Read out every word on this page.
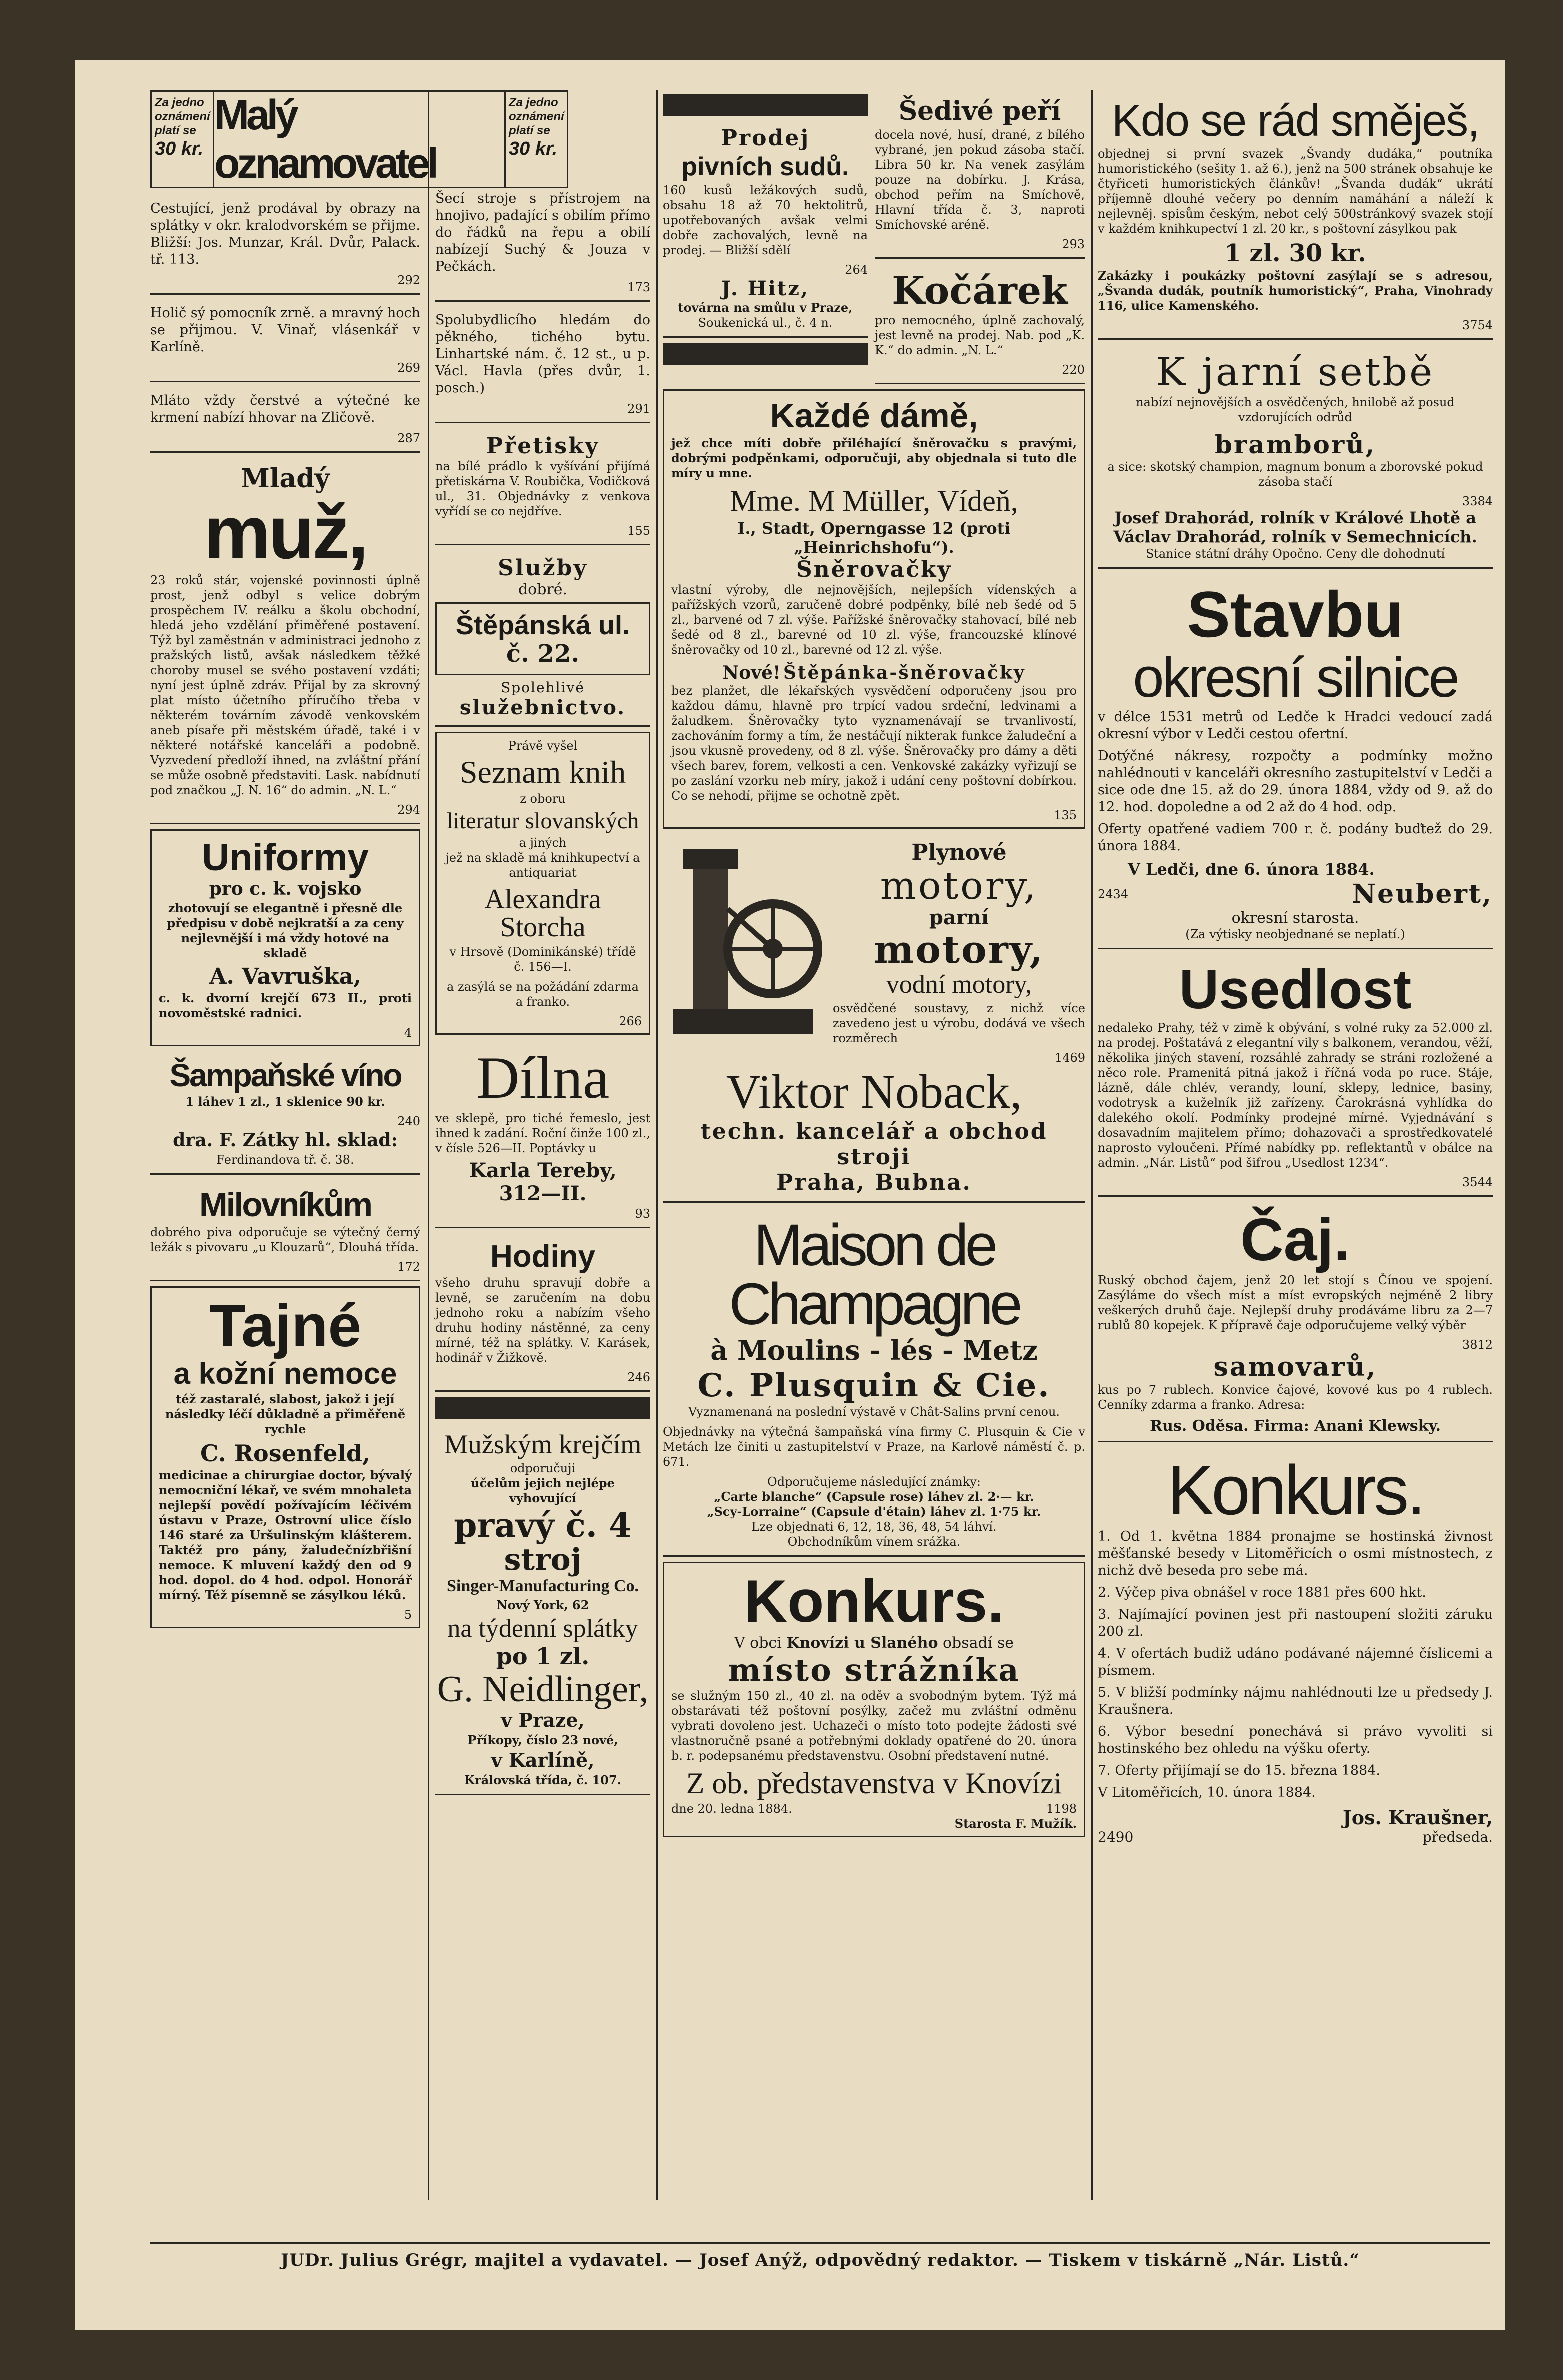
Za jedno
oznámení
platí se
30 kr.
Malý oznamovatel
Za jedno
oznámení
platí se
30 kr.

Cestující, jenž prodával by obrazy na splátky v okr. kralodvorském se přijme. Bližší: Jos. Munzar, Král. Dvůr, Palack. tř. 113.

292

Holič sý pomocník zrně. a mravný hoch se přijmou. V. Vinař, vlásenkář v Karlíně.

269

Mláto vždy čerstvé a výtečné ke krmení nabízí hhovar na Zličově.

287
Mladý
muž,

23 roků stár, vojenské povinnosti úplně prost, jenž odbyl s velice dobrým prospěchem IV. reálku a školu obchodní, hledá jeho vzdělání přiměřené postavení. Týž byl zaměstnán v administraci jednoho z pražských listů, avšak následkem těžké choroby musel se svého postavení vzdáti; nyní jest úplně zdráv. Přijal by za skrovný plat místo účetního příručího třeba v některém továrním závodě venkovském aneb písaře při městském úřadě, také i v některé notářské kanceláři a podobně. Vyzvedení předloží ihned, na zvláštní přání se může osobně představiti. Lask. nabídnutí pod značkou „J. N. 16“ do admin. „N. L.“

294
Uniformy
pro c. k. vojsko

zhotovují se elegantně i přesně dle předpisu v době nejkratší a za ceny nejlevnější i má vždy hotové na skladě

A. Vavruška,

c. k. dvorní krejčí 673 II., proti novoměstské radnici.

4
Šampaňské víno

1 láhev 1 zl., 1 sklenice 90 kr.

240
dra. F. Zátky hl. sklad:
Ferdinandova tř. č. 38.
Milovníkům

dobrého piva odporučuje se výtečný černý ležák s pivovaru „u Klouzarů“, Dlouhá třída.

172
Tajné
a kožní nemoce

též zastaralé, slabost, jakož i její následky léčí důkladně a přiměřeně rychle

C. Rosenfeld,

medicinae a chirurgiae doctor, bývalý nemocniční lékař, ve svém mnohaleta nejlepší povědí požívajícím léčivém ústavu v Praze, Ostrovní ulice číslo 146 staré za Uršulinským klášterem. Taktéž pro pány, žaludečnízbřišní nemoce. K mluvení každý den od 9 hod. dopol. do 4 hod. odpol. Honorář mírný. Též písemně se zásylkou léků.

5

Šecí stroje s přístrojem na hnojivo, padající s obilím přímo do řádků na řepu a obilí nabízejí Suchý & Jouza v Pečkách.

173

Spolubydlicího hledám do pěkného, tichého bytu. Linhartské nám. č. 12 st., u p. Václ. Havla (přes dvůr, 1. posch.)

291
Přetisky

na bílé prádlo k vyšívání přijímá přetiskárna V. Roubička, Vodičková ul., 31. Objednávky z venkova vyřídí se co nejdříve.

155
Služby
dobré.
Štěpánská ul.
č. 22.
Spolehlivé
služebnictvo.
Právě vyšel
Seznam knih
z oboru
literatur slovanských
a jiných

jež na skladě má knihkupectví a antiquariat

Alexandra Storcha

v Hrsově (Dominikánské) třídě č. 156—I.

a zasýlá se na požádání zdarma a franko.

266
Dílna

ve sklepě, pro tiché řemeslo, jest ihned k zadání. Roční činže 100 zl., v čísle 526—II. Poptávky u

Karla Tereby,
312—II.
93
Hodiny

všeho druhu spravují dobře a levně, se zaručením na dobu jednoho roku a nabízím všeho druhu hodiny nástěnné, za ceny mírné, též na splátky. V. Karásek, hodinář v Žižkově.

246
Mužským krejčím
odporučuji
účelům jejich nejlépe vyhovující
pravý č. 4
stroj
Singer-Manufacturing Co.
Nový York, 62
na týdenní splátky
po 1 zl.
G. Neidlinger,
v Praze,
Příkopy, číslo 23 nové,
v Karlíně,
Královská třída, č. 107.
Prodej
pivních sudů.

160 kusů ležákových sudů, obsahu 18 až 70 hektolitrů, upotřebovaných avšak velmi dobře zachovalých, levně na prodej. — Bližší sdělí

264
J. Hitz,
továrna na smůlu v Praze,
Soukenická ul., č. 4 n.
Šedivé peří

docela nové, husí, drané, z bílého vybrané, jen pokud zásoba stačí. Libra 50 kr. Na venek zasýlám pouze na dobírku. J. Krása, obchod peřím na Smíchově, Hlavní třída č. 3, naproti Smíchovské aréně.

293
Kočárek

pro nemocného, úplně zachovalý, jest levně na prodej. Nab. pod „K. K.“ do admin. „N. L.“

220
Každé dámě,

jež chce míti dobře přiléhající šněrovačku s pravými, dobrými podpěnkami, odporučuji, aby objednala si tuto dle míry u mne.

Mme. M Müller, Vídeň,
I., Stadt, Operngasse 12 (proti „Heinrichshofu“).
Šněrovačky

vlastní výroby, dle nejnovějších, nejlepších vídenských a pařížských vzorů, zaručeně dobré podpěnky, bílé neb šedé od 5 zl., barvené od 7 zl. výše. Pařížské šněrovačky stahovací, bílé neb šedé od 8 zl., barevné od 10 zl. výše, francouzské klínové šněrovačky od 10 zl., barevné od 12 zl. výše.

Nové! Štěpánka-šněrovačky

bez planžet, dle lékařských vysvědčení odporučeny jsou pro každou dámu, hlavně pro trpící vadou srdeční, ledvinami a žaludkem. Šněrovačky tyto vyznamenávají se trvanlivostí, zachováním formy a tím, že nestáčují nikterak funkce žaludeční a jsou vkusně provedeny, od 8 zl. výše. Šněrovačky pro dámy a děti všech barev, forem, velkosti a cen. Venkovské zakázky vyřizují se po zaslání vzorku neb míry, jakož i udání ceny poštovní dobírkou. Co se nehodí, přijme se ochotně zpět.

135
Plynové
motory,
parní
motory,
vodní motory,

osvědčené soustavy, z nichž více zavedeno jest u výrobu, dodává ve všech rozměrech

1469
Viktor Noback,
techn. kancelář a obchod stroji
Praha, Bubna.
Maison de Champagne
à Moulins - lés - Metz
C. Plusquin & Cie.

Vyznamenaná na poslední výstavě v Chât-Salins první cenou.

Objednávky na výtečná šampaňská vína firmy C. Plusquin & Cie v Metách lze činiti u zastupitelství v Praze, na Karlově náměstí č. p. 671.

Odporučujeme následující známky:
„Carte blanche“ (Capsule rose) láhev zl. 2·— kr.
„Scy-Lorraine“ (Capsule d'étain) láhev zl. 1·75 kr.
Lze objednati 6, 12, 18, 36, 48, 54 láhví.
Obchodníkům vínem srážka.
Konkurs.
V obci Knovízi u Slaného obsadí se
místo strážníka

se služným 150 zl., 40 zl. na oděv a svobodným bytem. Týž má obstarávati též poštovní posýlky, začež mu zvláštní odměnu vybrati dovoleno jest. Uchazeči o místo toto podejte žádosti své vlastnoručně psané a potřebnými doklady opatřené do 20. února b. r. podepsanému představenstvu. Osobní představení nutné.

Z ob. představenstva v Knovízi
dne 20. ledna 1884.	1198
Starosta F. Mužík.
Kdo se rád směješ,

objednej si první svazek „Švandy dudáka,“ poutníka humoristického (sešity 1. až 6.), jenž na 500 stránek obsahuje ke čtyřiceti humoristických článkův! „Švanda dudák“ ukrátí příjemně dlouhé večery po denním namáhání a náleží k nejlevněj. spisům českým, nebot celý 500stránkový svazek stojí v každém knihkupectví 1 zl. 20 kr., s poštovní zásylkou pak

1 zl. 30 kr.

Zakázky i poukázky poštovní zasýlají se s adresou, „Švanda dudák, poutník humoristický“, Praha, Vinohrady 116, ulice Kamenského.

3754
K jarní setbě

nabízí nejnovějších a osvědčených, hnilobě až posud vzdorujících odrůd

bramborů,

a sice: skotský champion, magnum bonum a zborovské pokud zásoba stačí

3384
Josef Drahorád, rolník v Králové Lhotě a
Václav Drahorád, rolník v Semechnicích.
Stanice státní dráhy Opočno. Ceny dle dohodnutí
Stavbu
okresní silnice

v délce 1531 metrů od Ledče k Hradci vedoucí zadá okresní výbor v Ledči cestou ofertní.

Dotýčné nákresy, rozpočty a podmínky možno nahlédnouti v kanceláři okresního zastupitelství v Ledči a sice ode dne 15. až do 29. února 1884, vždy od 9. až do 12. hod. dopoledne a od 2 až do 4 hod. odp.

Oferty opatřené vadiem 700 r. č. podány buďtež do 29. února 1884.

V Ledči, dne 6. února 1884.
2434	Neubert,
okresní starosta.
(Za výtisky neobjednané se neplatí.)
Usedlost

nedaleko Prahy, též v zimě k obývání, s volné ruky za 52.000 zl. na prodej. Poštatává z elegantní vily s balkonem, verandou, věží, několika jiných stavení, rozsáhlé zahrady se stráni rozložené a něco role. Pramenitá pitná jakož i říčná voda po ruce. Stáje, lázně, dále chlév, verandy, louní, sklepy, lednice, basiny, vodotrysk a kuželník již zařízeny. Čarokrásná vyhlídka do dalekého okolí. Podmínky prodejné mírné. Vyjednávání s dosavadním majitelem přímo; dohazovači a sprostředkovatelé naprosto vyloučeni. Přímé nabídky pp. reflektantů v obálce na admin. „Nár. Listů“ pod šifrou „Usedlost 1234“.

3544
Čaj.

Ruský obchod čajem, jenž 20 let stojí s Čínou ve spojení. Zasýláme do všech míst a míst evropských nejméně 2 libry veškerých druhů čaje. Nejlepší druhy prodáváme libru za 2—7 rublů 80 kopejek. K přípravě čaje odporučujeme velký výběr

3812
samovarů,

kus po 7 rublech. Konvice čajové, kovové kus po 4 rublech. Cenníky zdarma a franko. Adresa:

Rus. Oděsa. Firma: Anani Klewsky.
Konkurs.

1. Od 1. května 1884 pronajme se hostinská živnost měšťanské besedy v Litoměřicích o osmi místnostech, z nichž dvě beseda pro sebe má.

2. Výčep piva obnášel v roce 1881 přes 600 hkt.

3. Najímající povinen jest při nastoupení složiti záruku 200 zl.

4. V ofertách budiž udáno podávané nájemné číslicemi a písmem.

5. V bližší podmínky nájmu nahlédnouti lze u předsedy J. Kraušnera.

6. Výbor besední ponechává si právo vyvoliti si hostinského bez ohledu na výšku oferty.

7. Oferty přijímají se do 15. března 1884.

V Litoměřicích, 10. února 1884.

Jos. Kraušner,
2490	předseda.
JUDr. Julius Grégr, majitel a vydavatel. — Josef Anýž, odpovědný redaktor. — Tiskem v tiskárně „Nár. Listů.“
